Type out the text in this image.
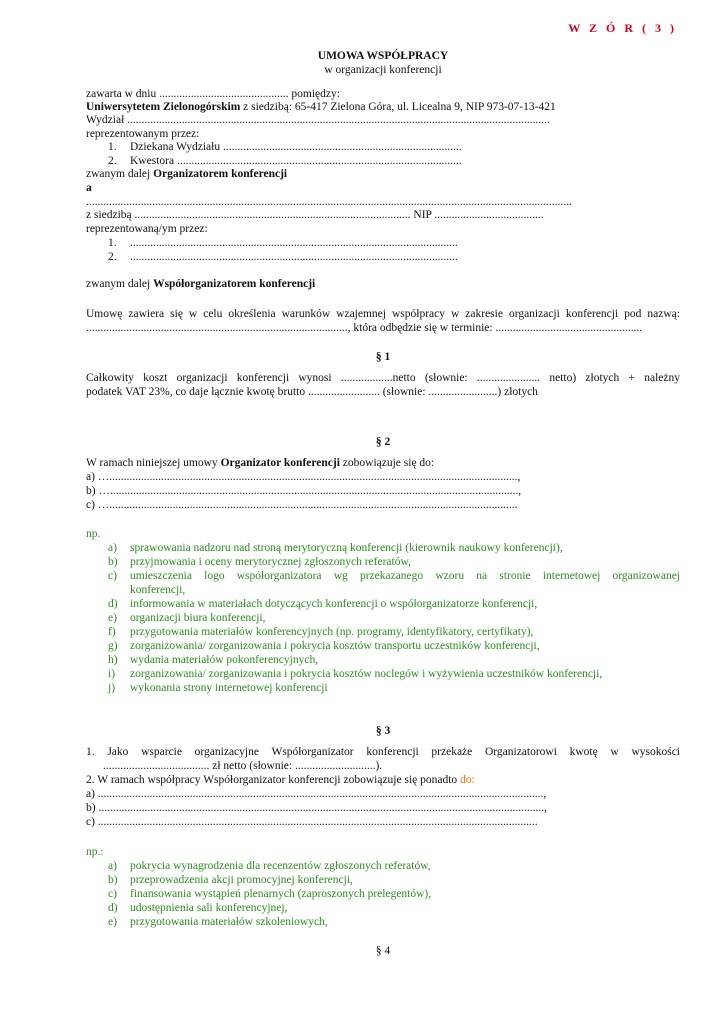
W Z Ó R ( 3 )
UMOWA WSPÓŁPRACY
w organizacji konferencji
zawarta w dniu ............................................. pomiędzy:
Uniwersytetem Zielonogórskim z siedzibą: 65-417 Zielona Góra, ul. Licealna 9, NIP 973-07-13-421
Wydział ...................................................................................................................................................
reprezentowanym przez:
1. Dziekana Wydziału ...................................................................................
2. Kwestora ...................................................................................................
zwanym dalej Organizatorem konferencji
a
.........................................................................................................................................................................
z siedzibą ................................................................................................ NIP ......................................
reprezentowaną/ym przez:
1. ..................................................................................................................
2. ..................................................................................................................
zwanym dalej Współorganizatorem konferencji
Umowę zawiera się w celu określenia warunków wzajemnej współpracy w zakresie organizacji konferencji pod nazwą:
..........................................................................................., która odbędzie się w terminie: ...................................................
§ 1
Całkowity koszt organizacji konferencji wynosi ..................netto (słownie: ...................... netto) złotych + należny
podatek VAT 23%, co daje łącznie kwotę brutto ......................... (słownie: ........................) złotych
§ 2
W ramach niniejszej umowy Organizator konferencji zobowiązuje się do:
a) …..............................................................................................................................................,
b) …..............................................................................................................................................,
c) …..............................................................................................................................................
np.
a) sprawowania nadzoru nad stroną merytoryczną konferencji (kierownik naukowy konferencji),
b) przyjmowania i oceny merytorycznej zgłoszonych referatów,
c) umieszczenia logo współorganizatora wg przekazanego wzoru na stronie internetowej organizowanej
konferencji,
d) informowania w materiałach dotyczących konferencji o współorganizatorze konferencji,
e) organizacji biura konferencji,
f) przygotowania materiałów konferencyjnych (np. programy, identyfikatory, certyfikaty),
g) zorganizowania/ zorganizowania i pokrycia kosztów transportu uczestników konferencji,
h) wydania materiałów pokonferencyjnych,
i) zorganizowania/ zorganizowania i pokrycia kosztów noclegów i wyżywienia uczestników konferencji,
j) wykonania strony internetowej konferencji
§ 3
1. Jako wsparcie organizacyjne Współorganizator konferencji przekaże Organizatorowi kwotę w wysokości
..................................... zł netto (słownie: ............................).
2. W ramach współpracy Współorganizator konferencji zobowiązuje się ponadto do:
a) ...........................................................................................................................................................,
b) ...........................................................................................................................................................,
c) .........................................................................................................................................................
np.:
a) pokrycia wynagrodzenia dla recenzentów zgłoszonych referatów,
b) przeprowadzenia akcji promocyjnej konferencji,
c) finansowania wystąpień plenarnych (zaproszonych prelegentów),
d) udostępnienia sali konferencyjnej,
e) przygotowania materiałów szkoleniowych,
§ 4
